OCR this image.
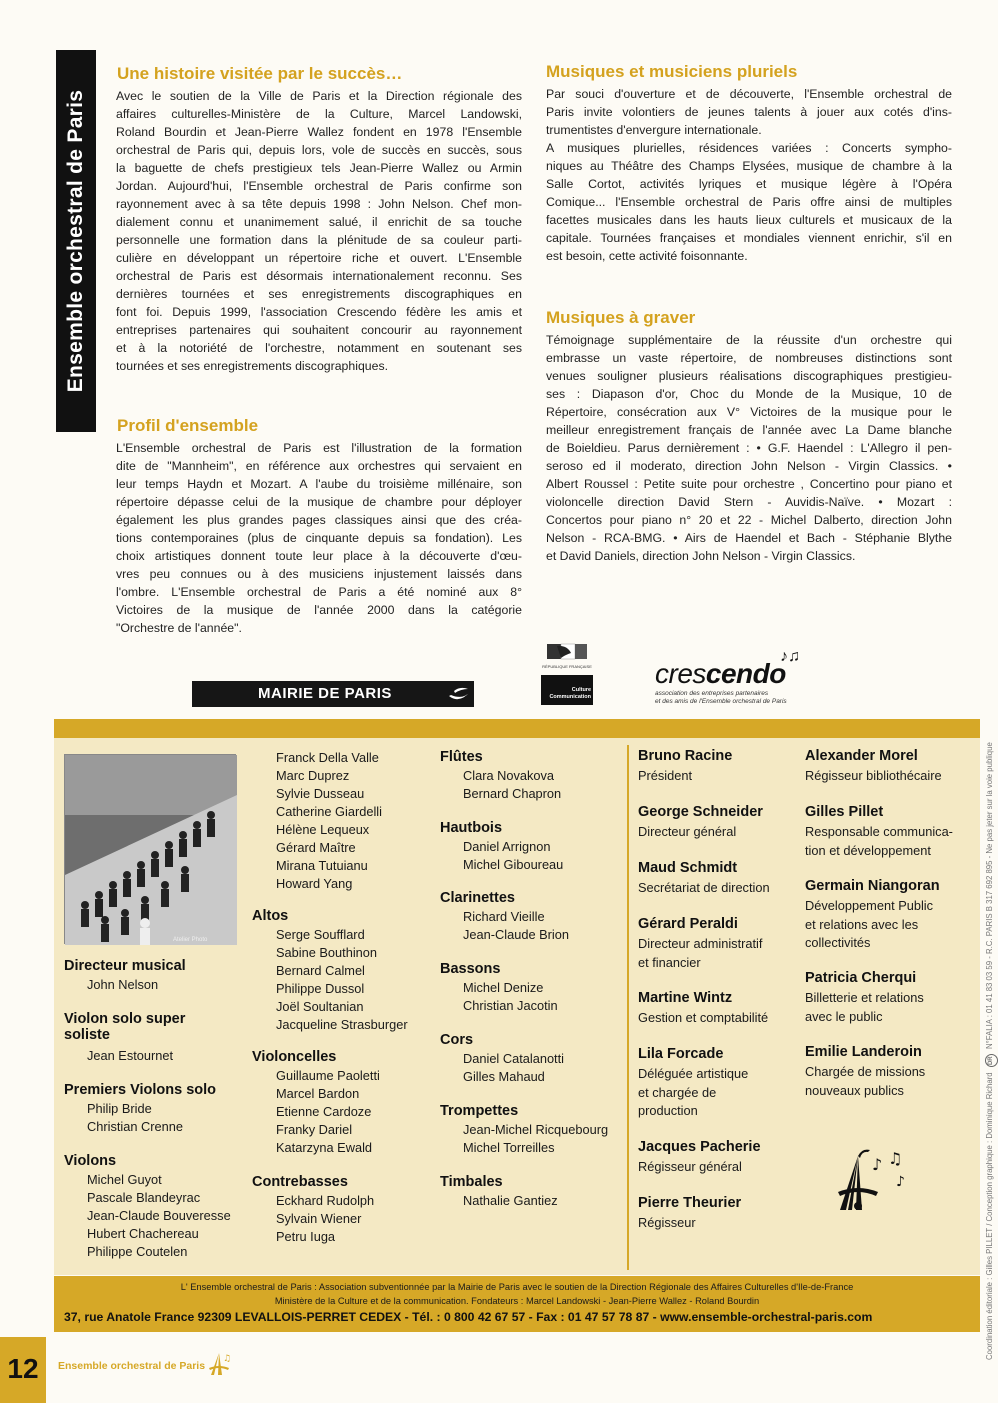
Ensemble orchestral de Paris
Une histoire visitée par le succès…

Avec le soutien de la Ville de Paris et la Direction régionale des
affaires culturelles-Ministère de la Culture, Marcel Landowski,
Roland Bourdin et Jean-Pierre Wallez fondent en 1978 l'Ensemble
orchestral de Paris qui, depuis lors, vole de succès en succès, sous
la baguette de chefs prestigieux tels Jean-Pierre Wallez ou Armin
Jordan. Aujourd'hui, l'Ensemble orchestral de Paris confirme son
rayonnement avec à sa tête depuis 1998 : John Nelson. Chef mon-
dialement connu et unanimement salué, il enrichit de sa touche
personnelle une formation dans la plénitude de sa couleur parti-
culière en développant un répertoire riche et ouvert. L'Ensemble
orchestral de Paris est désormais internationalement reconnu. Ses
dernières tournées et ses enregistrements discographiques en
font foi. Depuis 1999, l'association Crescendo fédère les amis et
entreprises partenaires qui souhaitent concourir au rayonnement
et à la notoriété de l'orchestre, notamment en soutenant ses
tournées et ses enregistrements discographiques.

Profil d'ensemble

L'Ensemble orchestral de Paris est l'illustration de la formation
dite de "Mannheim", en référence aux orchestres qui servaient en
leur temps Haydn et Mozart. A l'aube du troisième millénaire, son
répertoire dépasse celui de la musique de chambre pour déployer
également les plus grandes pages classiques ainsi que des créa-
tions contemporaines (plus de cinquante depuis sa fondation). Les
choix artistiques donnent toute leur place à la découverte d'œu-
vres peu connues ou à des musiciens injustement laissés dans
l'ombre. L'Ensemble orchestral de Paris a été nominé aux 8°
Victoires de la musique de l'année 2000 dans la catégorie
"Orchestre de l'année".

Musiques et musiciens pluriels

Par souci d'ouverture et de découverte, l'Ensemble orchestral de
Paris invite volontiers de jeunes talents à jouer aux cotés d'ins-
trumentistes d'envergure internationale.
A musiques plurielles, résidences variées : Concerts sympho-
niques au Théâtre des Champs Elysées, musique de chambre à la
Salle Cortot, activités lyriques et musique légère à l'Opéra
Comique... l'Ensemble orchestral de Paris offre ainsi de multiples
facettes musicales dans les hauts lieux culturels et musicaux de la
capitale. Tournées françaises et mondiales viennent enrichir, s'il en
est besoin, cette activité foisonnante.

Musiques à graver

Témoignage supplémentaire de la réussite d'un orchestre qui
embrasse un vaste répertoire, de nombreuses distinctions sont
venues souligner plusieurs réalisations discographiques prestigieu-
ses : Diapason d'or, Choc du Monde de la Musique, 10 de
Répertoire, consécration aux V° Victoires de la musique pour le
meilleur enregistrement français de l'année avec La Dame blanche
de Boieldieu. Parus dernièrement : • G.F. Haendel : L'Allegro il pen-
seroso ed il moderato, direction John Nelson - Virgin Classics. •
Albert Roussel : Petite suite pour orchestre , Concertino pour piano et
violoncelle direction David Stern - Auvidis-Naïve. • Mozart :
Concertos pour piano n° 20 et 22 - Michel Dalberto, direction John
Nelson - RCA-BMG. • Airs de Haendel et Bach - Stéphanie Blythe
et David Daniels, direction John Nelson - Virgin Classics.

MAIRIE DE PARIS
RÉPUBLIQUE FRANÇAISE
Culture
Communication
crescendo
♪♫
association des entreprises partenaires
et des amis de l'Ensemble orchestral de Paris
Atelier Photo
Directeur musical
John Nelson
Violon solo super
soliste
Jean Estournet
Premiers Violons solo
Philip Bride
Christian Crenne
Violons
Michel Guyot
Pascale Blandeyrac
Jean-Claude Bouveresse
Hubert Chachereau
Philippe Coutelen
Franck Della Valle
Marc Duprez
Sylvie Dusseau
Catherine Giardelli
Hélène Lequeux
Gérard Maître
Mirana Tutuianu
Howard Yang
Altos
Serge Soufflard
Sabine Bouthinon
Bernard Calmel
Philippe Dussol
Joël Soultanian
Jacqueline Strasburger
Violoncelles
Guillaume Paoletti
Marcel Bardon
Etienne Cardoze
Franky Dariel
Katarzyna Ewald
Contrebasses
Eckhard Rudolph
Sylvain Wiener
Petru Iuga
Flûtes
Clara Novakova
Bernard Chapron
Hautbois
Daniel Arrignon
Michel Giboureau
Clarinettes
Richard Vieille
Jean-Claude Brion
Bassons
Michel Denize
Christian Jacotin
Cors
Daniel Catalanotti
Gilles Mahaud
Trompettes
Jean-Michel Ricquebourg
Michel Torreilles
Timbales
Nathalie Gantiez
Bruno Racine
Président
George Schneider
Directeur général
Maud Schmidt
Secrétariat de direction
Gérard Peraldi
Directeur administratif
et financier
Martine Wintz
Gestion et comptabilité
Lila Forcade
Déléguée artistique
et chargée de
production
Jacques Pacherie
Régisseur général
Pierre Theurier
Régisseur
Alexander Morel
Régisseur bibliothécaire
Gilles Pillet
Responsable communica-
tion et développement
Germain Niangoran
Développement Public
et relations avec les
collectivités
Patricia Cherqui
Billetterie et relations
avec le public
Emilie Landeroin
Chargée de missions
nouveaux publics
♪ ♫
♪
L' Ensemble orchestral de Paris : Association subventionnée par la Mairie de Paris avec le soutien de la Direction Régionale des Affaires Culturelles d'Ile-de-France
Ministère de la Culture et de la communication. Fondateurs : Marcel Landowski - Jean-Pierre Wallez - Roland Bourdin
37, rue Anatole France 92309 LEVALLOIS-PERRET CEDEX - Tél. : 0 800 42 67 57 - Fax : 01 47 57 78 87 - www.ensemble-orchestral-paris.com
12	Ensemble orchestral de Paris
♫	Coordination éditoriale : Gilles PILLET / Conception graphique : Dominique Richard DR N°FALIA : 01 41 83 03 59 - R.C. PARIS B 317 692 895 - Ne pas jeter sur la voie publique
